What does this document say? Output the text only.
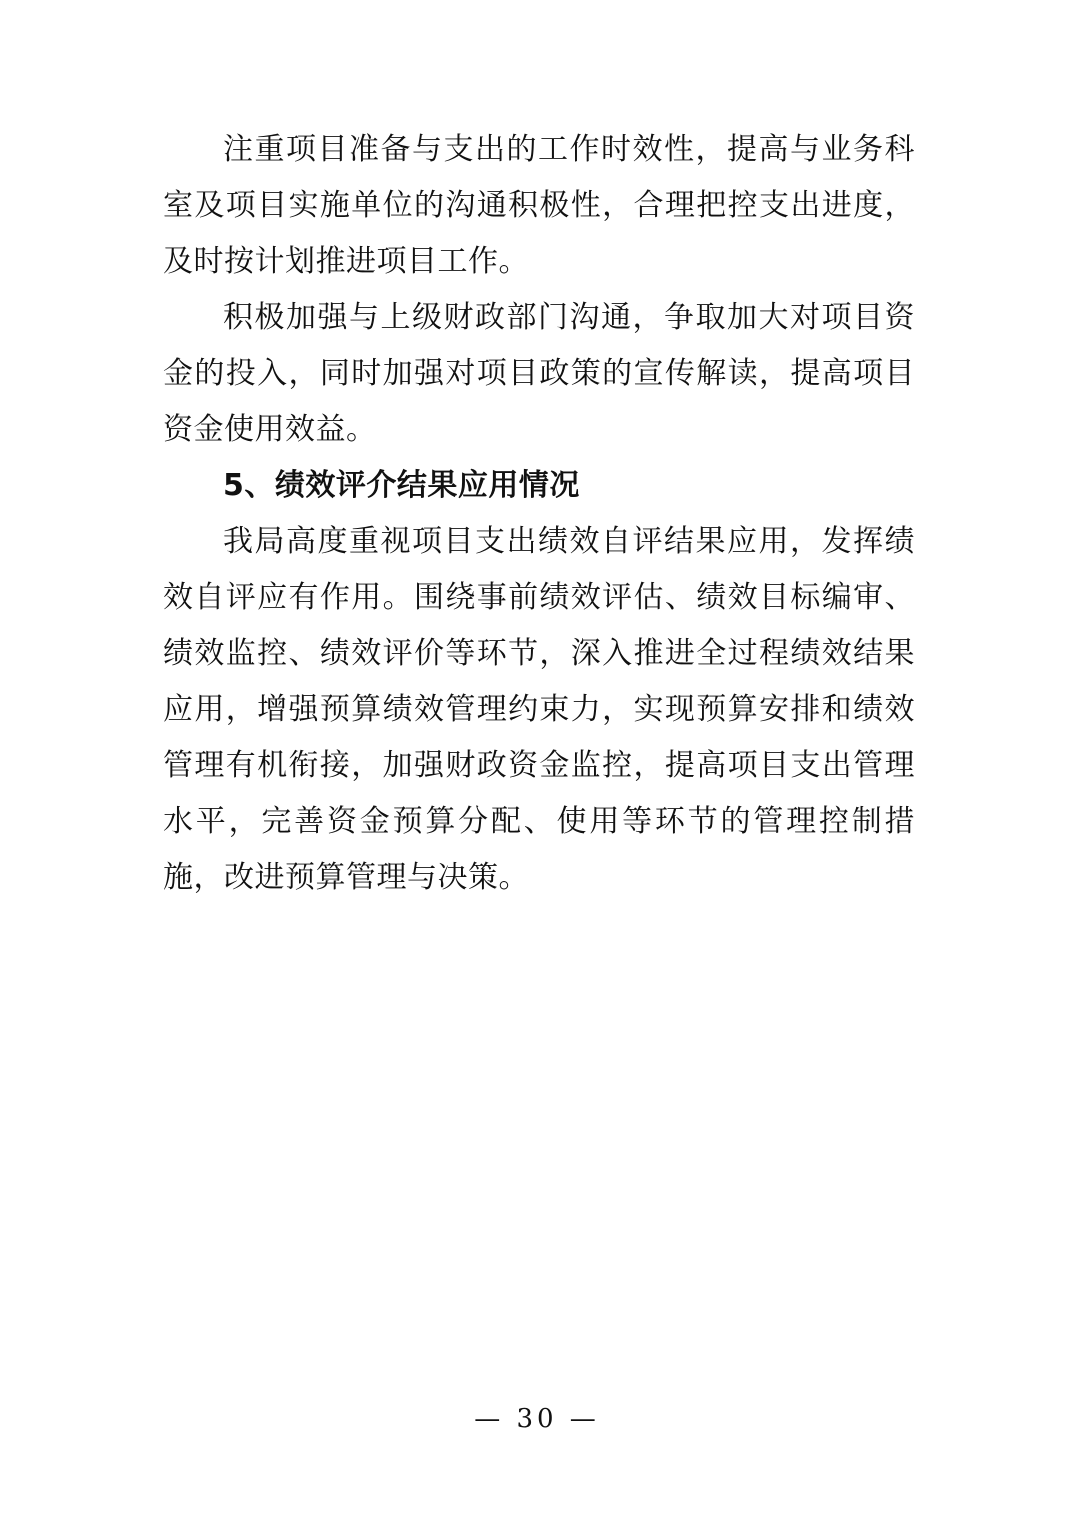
注重项目准备与支出的工作时效性，提高与业务科室及项目实施单位的沟通积极性，合理把控支出进度，及时按计划推进项目工作。

积极加强与上级财政部门沟通，争取加大对项目资金的投入，同时加强对项目政策的宣传解读，提高项目资金使用效益。

5、绩效评介结果应用情况

我局高度重视项目支出绩效自评结果应用，发挥绩效自评应有作用。围绕事前绩效评估、绩效目标编审、绩效监控、绩效评价等环节，深入推进全过程绩效结果应用，增强预算绩效管理约束力，实现预算安排和绩效管理有机衔接，加强财政资金监控，提高项目支出管理水平，完善资金预算分配、使用等环节的管理控制措施，改进预算管理与决策。

— 30 —
